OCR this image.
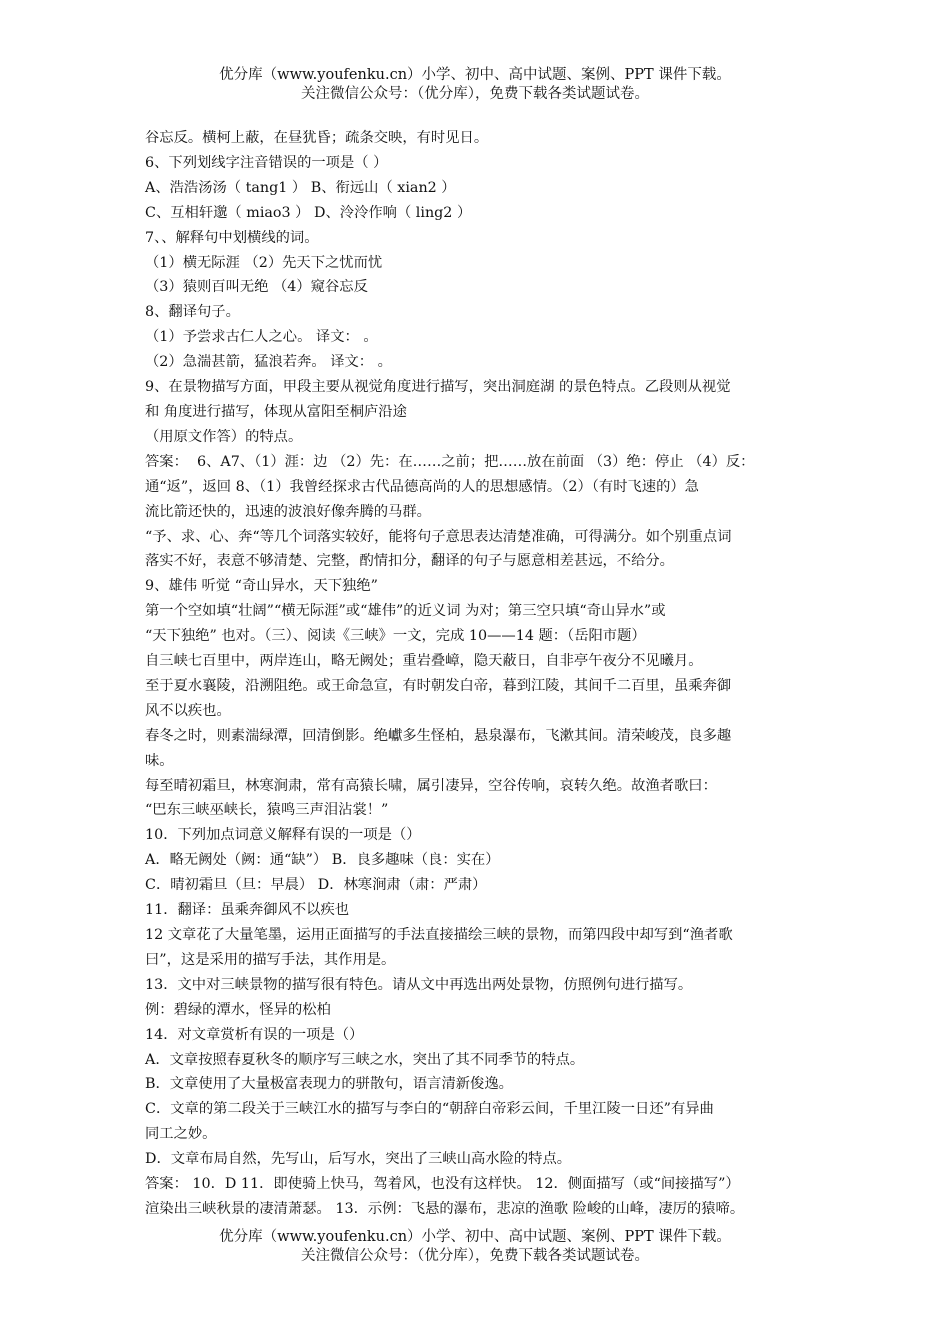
优分库（www.youfenku.cn）小学、初中、高中试题、案例、PPT 课件下载。
关注微信公众号：（优分库），免费下载各类试题试卷。

谷忘反。横柯上蔽，在昼犹昏；疏条交映，有时见日。

6、下列划线字注音错误的一项是（ ）

A、浩浩汤汤（ tang1 ） B、衔远山（ xian2 ）

C、互相轩邈（ miao3 ） D、泠泠作响（ ling2 ）

7、、解释句中划横线的词。

（1）横无际涯 （2）先天下之忧而忧

（3）猿则百叫无绝 （4）窥谷忘反

8、翻译句子。

（1）予尝求古仁人之心。 译文： 。

（2）急湍甚箭，猛浪若奔。 译文： 。

9、在景物描写方面，甲段主要从视觉角度进行描写，突出洞庭湖 的景色特点。乙段则从视觉

和 角度进行描写，体现从富阳至桐庐沿途

（用原文作答）的特点。

答案：  6、A7、（1）涯：边 （2）先：在……之前；把……放在前面 （3）绝：停止 （4）反：

通“返”，返回 8、（1）我曾经探求古代品德高尚的人的思想感情。（2）（有时飞速的）急

流比箭还快的，迅速的波浪好像奔腾的马群。

“予、求、心、奔“等几个词落实较好，能将句子意思表达清楚准确，可得满分。如个别重点词

落实不好，表意不够清楚、完整，酌情扣分，翻译的句子与愿意相差甚远，不给分。

9、雄伟 听觉 “奇山异水，天下独绝”

第一个空如填“壮阔”“横无际涯”或“雄伟”的近义词 为对；第三空只填“奇山异水”或

“天下独绝” 也对。（三）、阅读《三峡》一文，完成 10——14 题：（岳阳市题）

自三峡七百里中，两岸连山，略无阙处；重岩叠嶂，隐天蔽日，自非亭午夜分不见曦月。

至于夏水襄陵，沿溯阻绝。或王命急宣，有时朝发白帝，暮到江陵，其间千二百里，虽乘奔御

风不以疾也。

春冬之时，则素湍绿潭，回清倒影。绝巘多生怪柏，悬泉瀑布，飞漱其间。清荣峻茂，良多趣

味。

每至晴初霜旦，林寒涧肃，常有高猿长啸，属引凄异，空谷传响，哀转久绝。故渔者歌曰：

“巴东三峡巫峡长，猿鸣三声泪沾裳！”

10．下列加点词意义解释有误的一项是（）

A．略无阙处（阙：通“缺”） B．良多趣味（良：实在）

C．晴初霜旦（旦：早晨） D．林寒涧肃（肃：严肃）

11．翻译：虽乘奔御风不以疾也

12 文章花了大量笔墨，运用正面描写的手法直接描绘三峡的景物，而第四段中却写到“渔者歌

曰”，这是采用的描写手法，其作用是。

13．文中对三峡景物的描写很有特色。请从文中再选出两处景物，仿照例句进行描写。

例：碧绿的潭水，怪异的松柏

14．对文章赏析有误的一项是（）

A．文章按照春夏秋冬的顺序写三峡之水，突出了其不同季节的特点。

B．文章使用了大量极富表现力的骈散句，语言清新俊逸。

C．文章的第二段关于三峡江水的描写与李白的“朝辞白帝彩云间，千里江陵一日还”有异曲

同工之妙。

D．文章布局自然，先写山，后写水，突出了三峡山高水险的特点。

答案： 10．D 11．即使骑上快马，驾着风，也没有这样快。 12．侧面描写（或“间接描写”）

渲染出三峡秋景的凄清萧瑟。 13．示例：飞悬的瀑布，悲凉的渔歌 险峻的山峰，凄厉的猿啼。

优分库（www.youfenku.cn）小学、初中、高中试题、案例、PPT 课件下载。
关注微信公众号：（优分库），免费下载各类试题试卷。
